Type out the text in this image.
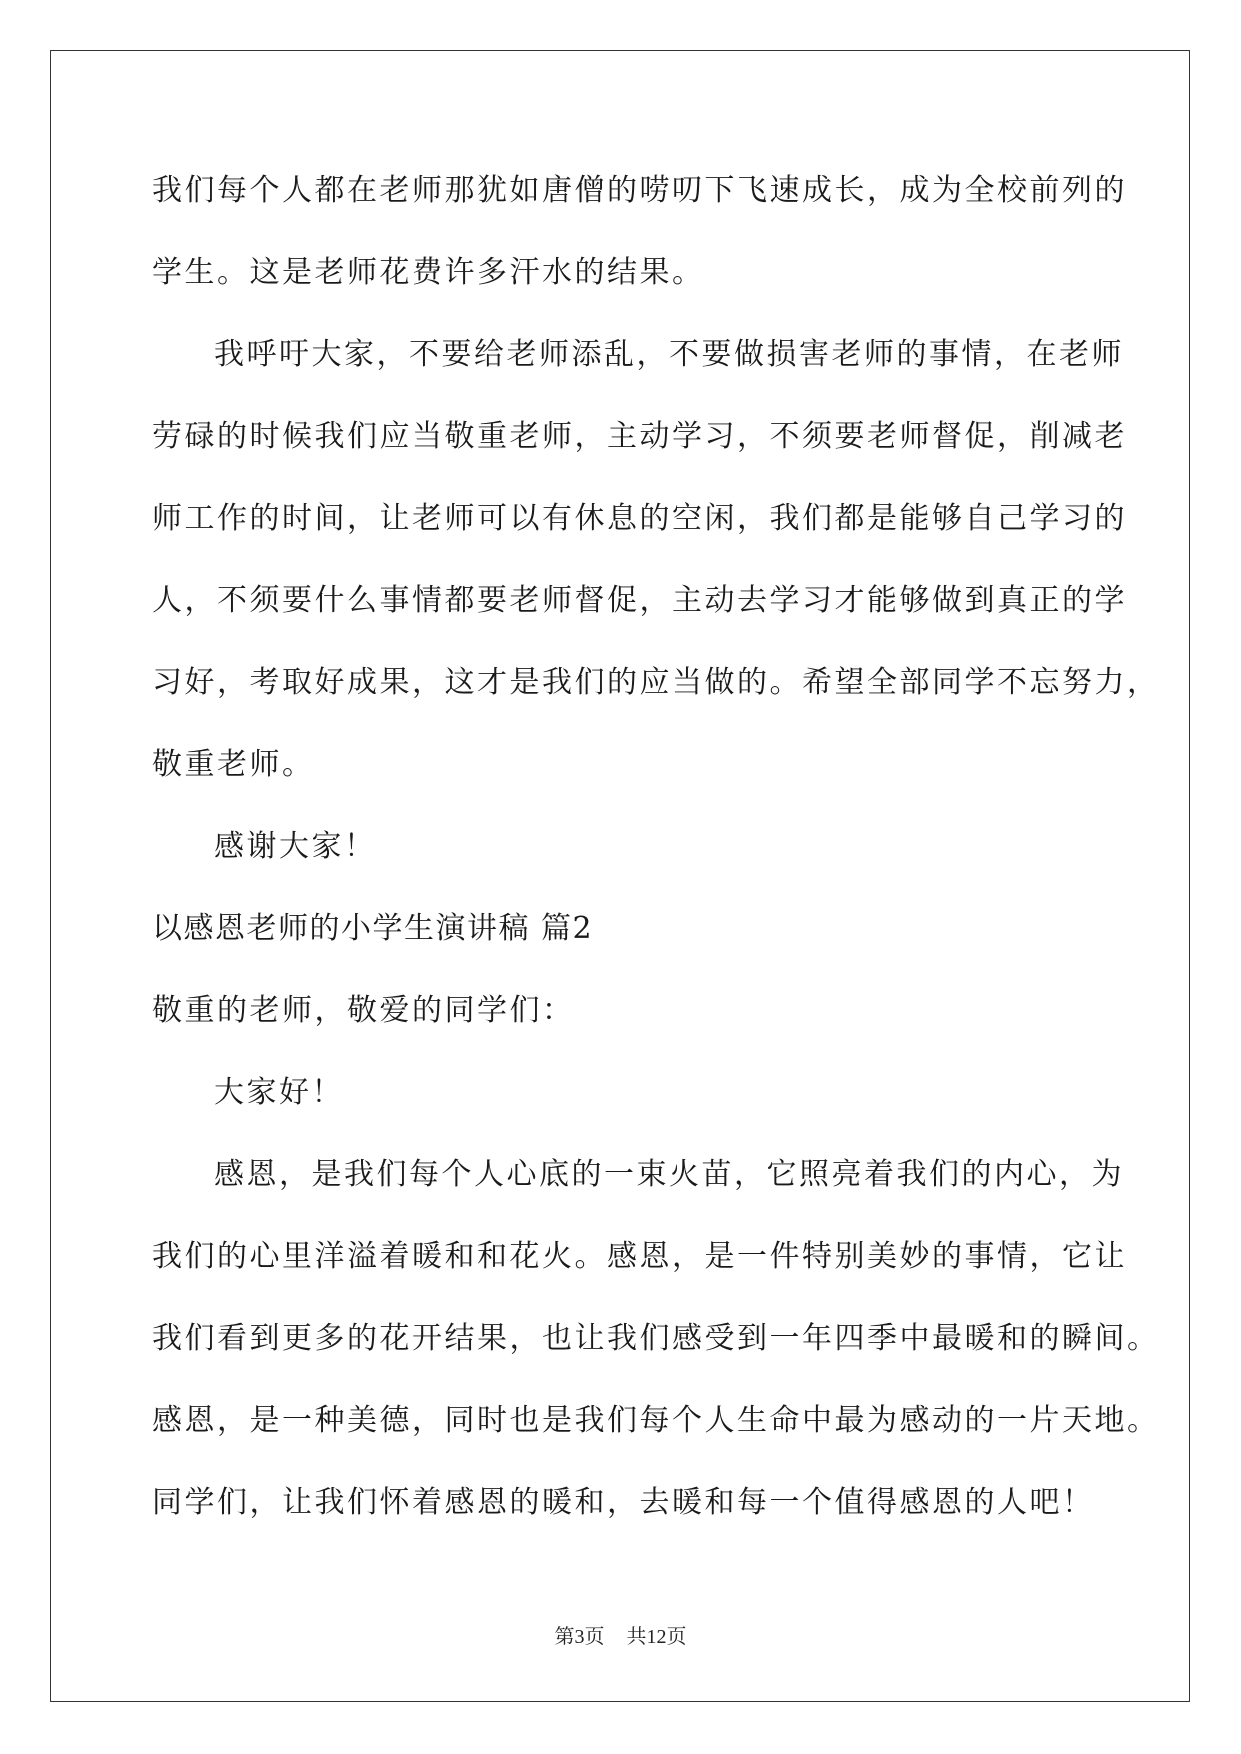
我们每个人都在老师那犹如唐僧的唠叨下飞速成长，成为全校前列的
学生。这是老师花费许多汗水的结果。
我呼吁大家，不要给老师添乱，不要做损害老师的事情，在老师
劳碌的时候我们应当敬重老师，主动学习，不须要老师督促，削减老
师工作的时间，让老师可以有休息的空闲，我们都是能够自己学习的
人，不须要什么事情都要老师督促，主动去学习才能够做到真正的学
习好，考取好成果，这才是我们的应当做的。希望全部同学不忘努力，
敬重老师。
感谢大家！
以感恩老师的小学生演讲稿 篇2
敬重的老师，敬爱的同学们：
大家好！
感恩，是我们每个人心底的一束火苗，它照亮着我们的内心，为
我们的心里洋溢着暖和和花火。感恩，是一件特别美妙的事情，它让
我们看到更多的花开结果，也让我们感受到一年四季中最暖和的瞬间。
感恩，是一种美德，同时也是我们每个人生命中最为感动的一片天地。
同学们，让我们怀着感恩的暖和，去暖和每一个值得感恩的人吧！
第3页 共12页
